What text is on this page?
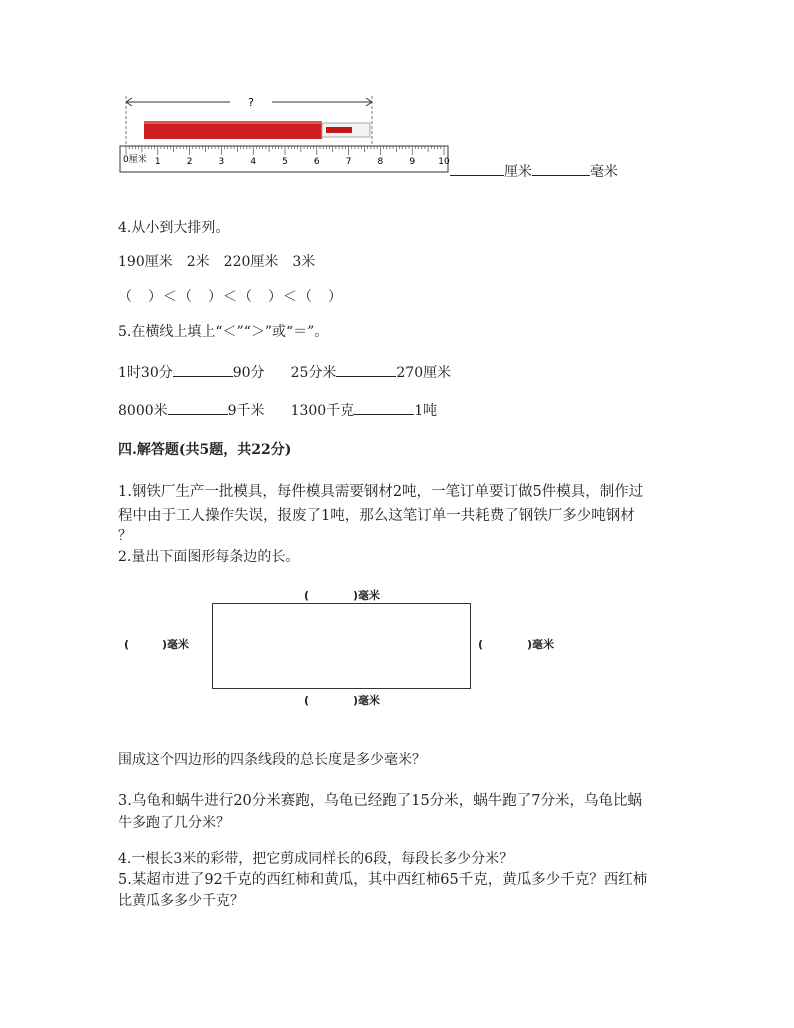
?
1	2	3	4	5	6	7	8	9	10
0厘米
厘米	毫米
4.从小到大排列。
190厘米 2米 220厘米 3米
（　）＜（　）＜（　）＜（　）
5.在横线上填上“＜”“＞”或“＝”。
1时30分	90分 25分米	270厘米
8000米	9千米 1300千克	1吨
四.解答题(共5题，共22分)
1.钢铁厂生产一批模具，每件模具需要钢材2吨，一笔订单要订做5件模具，制作过
程中由于工人操作失误，报废了1吨，那么这笔订单一共耗费了钢铁厂多少吨钢材
？
2.量出下面图形每条边的长。
(　　　　)毫米
(　　　)毫米	(　　　　)毫米
(　　　　)毫米
围成这个四边形的四条线段的总长度是多少毫米？
3.乌龟和蜗牛进行20分米赛跑，乌龟已经跑了15分米，蜗牛跑了7分米，乌龟比蜗
牛多跑了几分米？
4.一根长3米的彩带，把它剪成同样长的6段，每段长多少分米？
5.某超市进了92千克的西红柿和黄瓜，其中西红柿65千克，黄瓜多少千克？西红柿
比黄瓜多多少千克？
